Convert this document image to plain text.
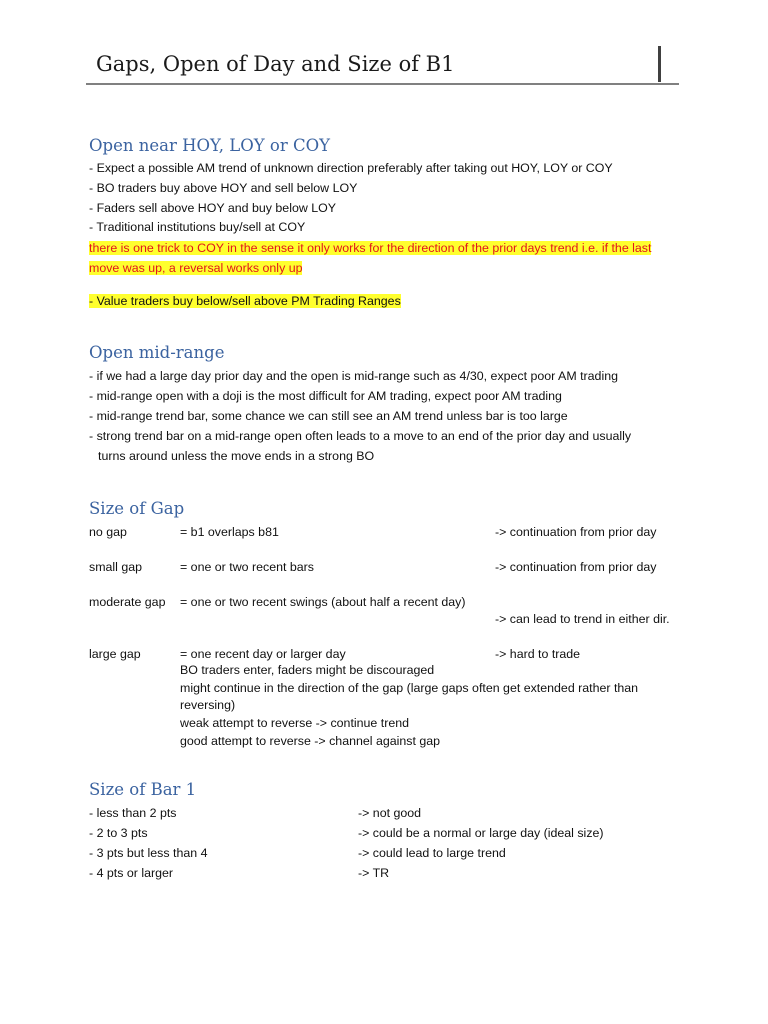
Gaps, Open of Day and Size of B1
Open near HOY, LOY or COY
- Expect a possible AM trend of unknown direction preferably after taking out HOY, LOY or COY
- BO traders buy above HOY and sell below LOY
- Faders sell above HOY and buy below LOY
- Traditional institutions buy/sell at COY
there is one trick to COY in the sense it only works for the direction of the prior days trend i.e. if the last
move was up, a reversal works only up
- Value traders buy below/sell above PM Trading Ranges
Open mid-range
- if we had a large day prior day and the open is mid-range such as 4/30, expect poor AM trading
- mid-range open with a doji is the most difficult for AM trading, expect poor AM trading
- mid-range trend bar, some chance we can still see an AM trend unless bar is too large
- strong trend bar on a mid-range open often leads to a move to an end of the prior day and usually
turns around unless the move ends in a strong BO
Size of Gap
no gap	= b1 overlaps b81	-> continuation from prior day
small gap	= one or two recent bars	-> continuation from prior day
moderate gap = one or two recent swings (about half a recent day)
-> can lead to trend in either dir.
large gap	= one recent day or larger day	-> hard to trade
BO traders enter, faders might be discouraged
might continue in the direction of the gap (large gaps often get extended rather than
reversing)
weak attempt to reverse -> continue trend
good attempt to reverse -> channel against gap
Size of Bar 1
- less than 2 pts	-> not good
- 2 to 3 pts	-> could be a normal or large day (ideal size)
- 3 pts but less than 4	-> could lead to large trend
- 4 pts or larger	-> TR
